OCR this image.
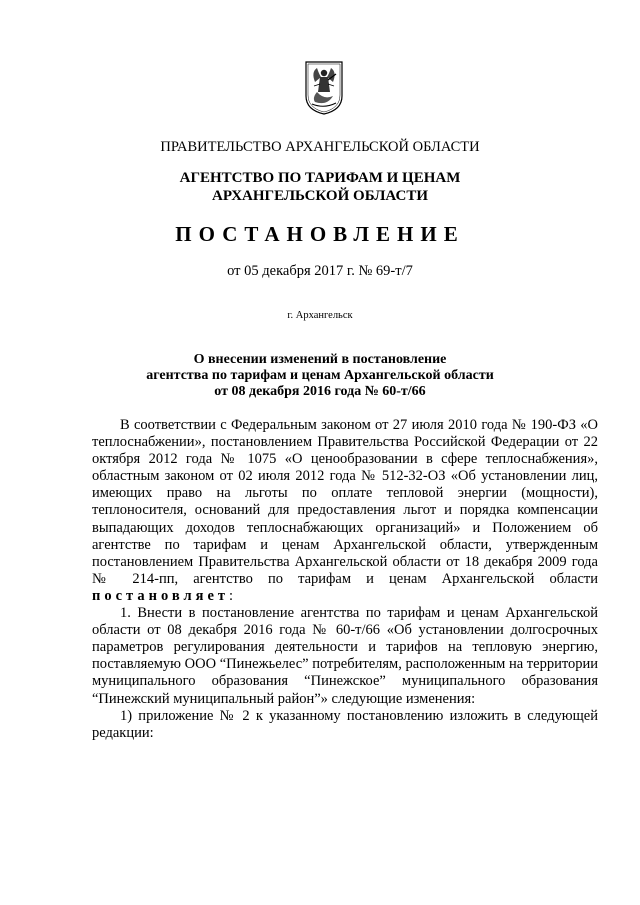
ПРАВИТЕЛЬСТВО АРХАНГЕЛЬСКОЙ ОБЛАСТИ

АГЕНТСТВО ПО ТАРИФАМ И ЦЕНАМ
АРХАНГЕЛЬСКОЙ ОБЛАСТИ

ПОСТАНОВЛЕНИЕ

от 05 декабря 2017 г. № 69-т/7

г. Архангельск

О внесении изменений в постановление
агентства по тарифам и ценам Архангельской области
от 08 декабря 2016 года № 60-т/66

В соответствии с Федеральным законом от 27 июля 2010 года № 190-ФЗ «О теплоснабжении», постановлением Правительства Российской Федерации от 22 октября 2012 года № 1075 «О ценообразовании в сфере теплоснабжения», областным законом от 02 июля 2012 года № 512-32-ОЗ «Об установлении лиц, имеющих право на льготы по оплате тепловой энергии (мощности), теплоносителя, оснований для предоставления льгот и порядка компенсации выпадающих доходов теплоснабжающих организаций» и Положением об агентстве по тарифам и ценам Архангельской области, утвержденным постановлением Правительства Архангельской области от 18 декабря 2009 года № 214-пп, агентство по тарифам и ценам Архангельской области постановляет:

1. Внести в постановление агентства по тарифам и ценам Архангельской области от 08 декабря 2016 года № 60-т/66 «Об установлении долгосрочных параметров регулирования деятельности и тарифов на тепловую энергию, поставляемую ООО “Пинежьелес” потребителям, расположенным на территории муниципального образования “Пинежское” муниципального образования “Пинежский муниципальный район”» следующие изменения:

1) приложение № 2 к указанному постановлению изложить в следующей редакции:
